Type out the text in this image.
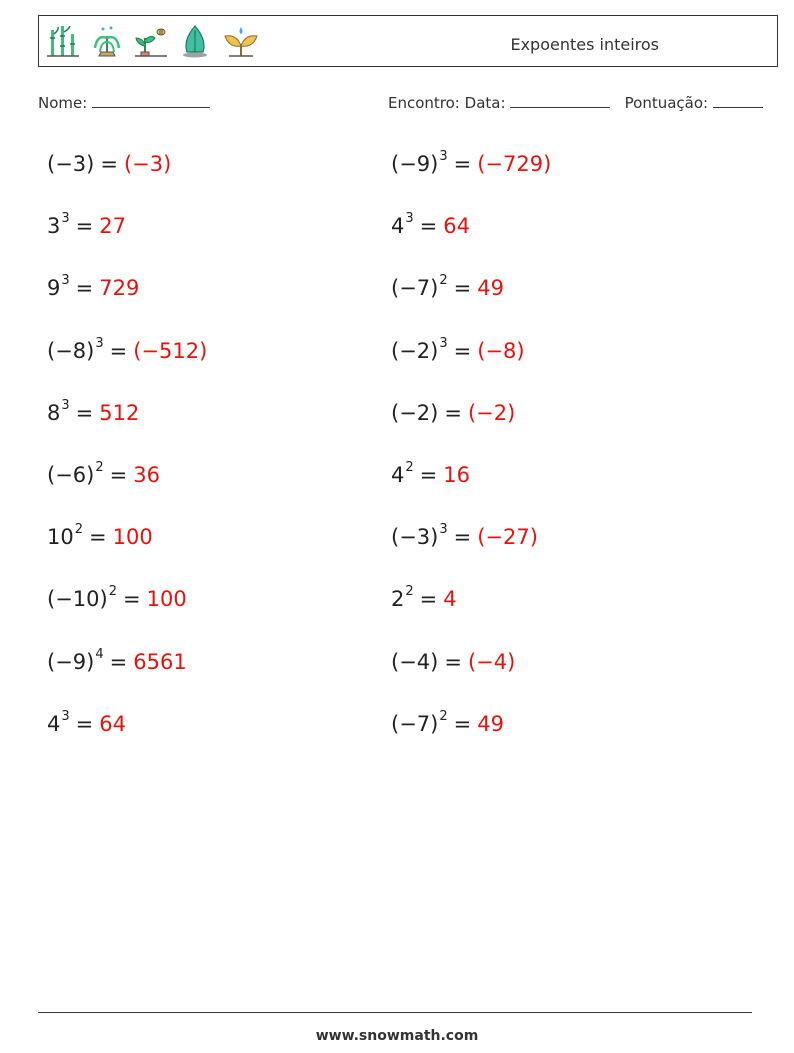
Expoentes inteiros
Nome:	Encontro: Data:	Pontuação:
(−3) = (−3)
$3^3 = 27$
$9^3 = 729$
$(-8)^3 = (-512)$
$8^3 = 512$
$(-6)^2 = 36$
$10^2 = 100$
$(-10)^2 = 100$
$(-9)^4 = 6561$
$4^3 = 64$
$(-9)^3 = (-729)$
$4^3 = 64$
$(-7)^2 = 49$
$(-2)^3 = (-8)$
(−2) = (−2)
$4^2 = 16$
$(-3)^3 = (-27)$
$2^2 = 4$
(−4) = (−4)
$(-7)^2 = 49$
www.snowmath.com
